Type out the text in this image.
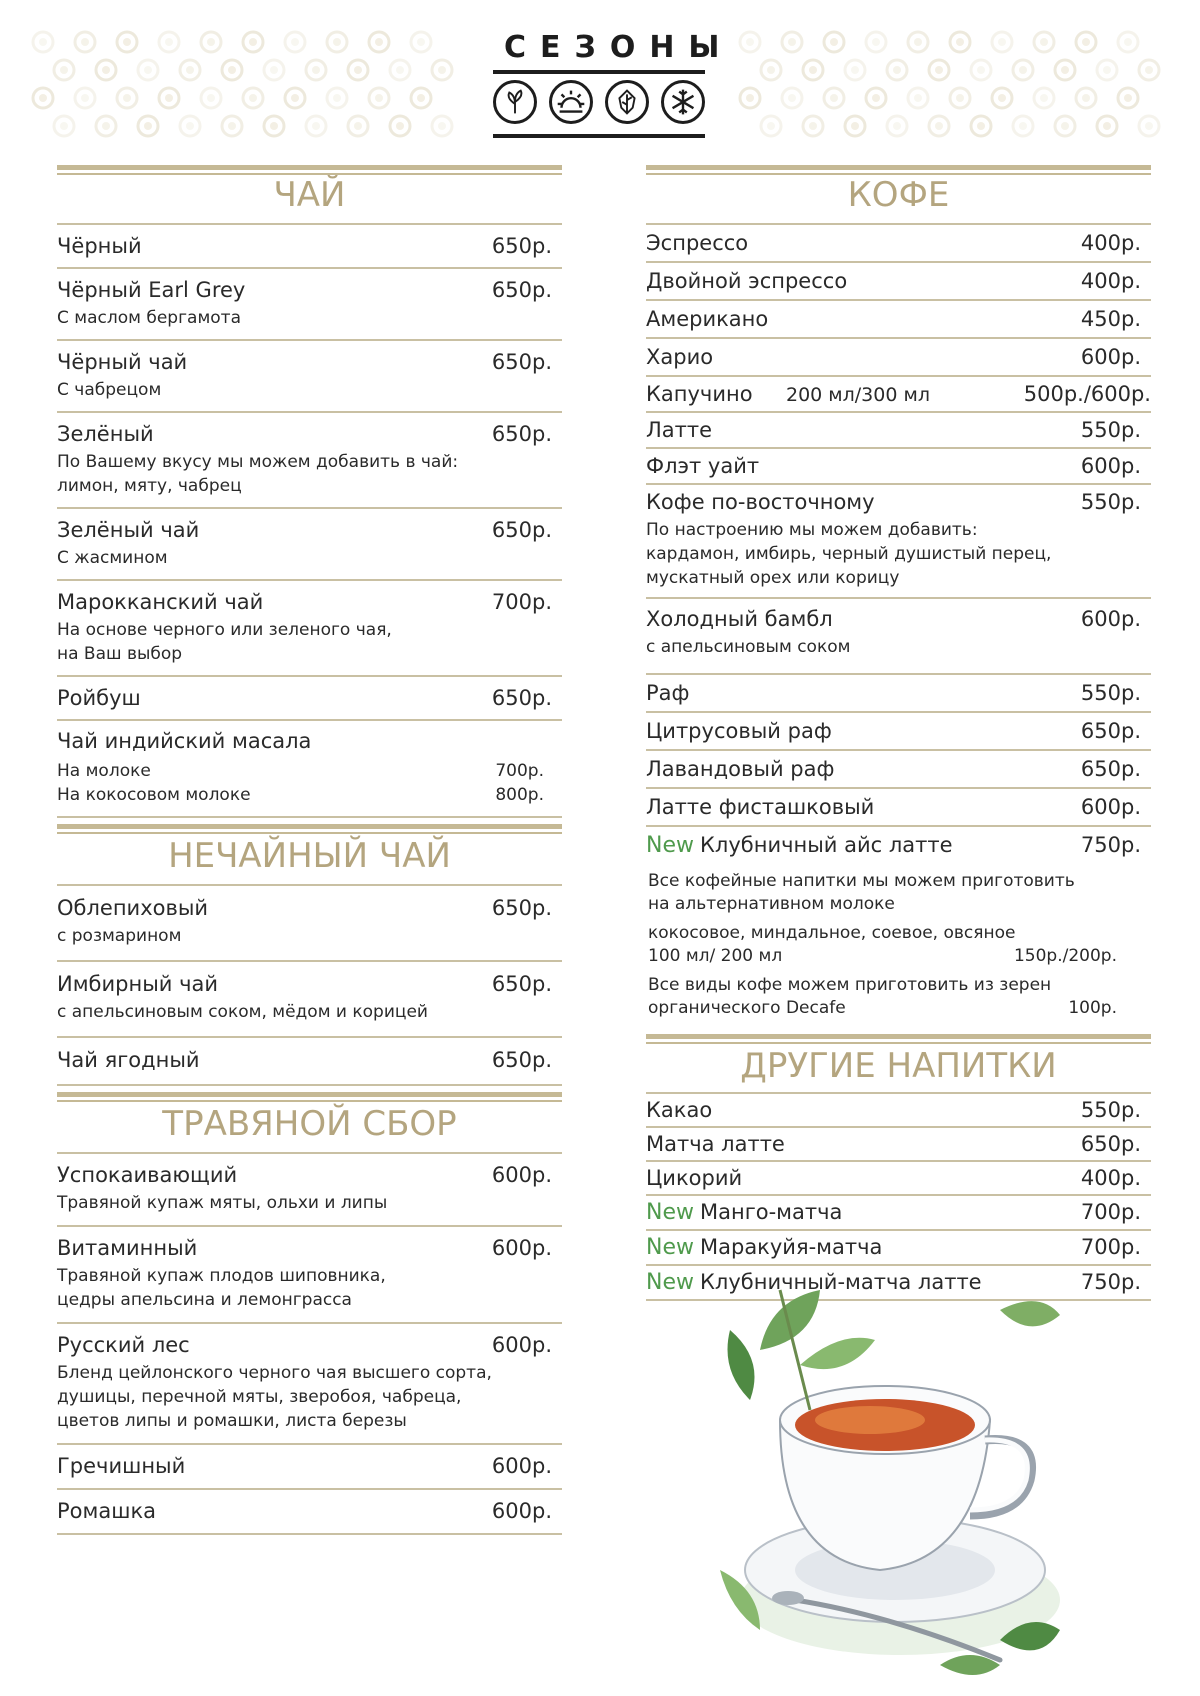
СЕЗОНЫ
ЧАЙ
Чёрный	650р.
Чёрный Earl Grey	650р.
С маслом бергамота
Чёрный чай	650р.
С чабрецом
Зелёный	650р.
По Вашему вкусу мы можем добавить в чай:
лимон, мяту, чабрец
Зелёный чай	650р.
С жасмином
Марокканский чай	700р.
На основе черного или зеленого чая,
на Ваш выбор
Ройбуш	650р.
Чай индийский масала
На молоке	700р.
На кокосовом молоке	800р.
НЕЧАЙНЫЙ ЧАЙ
Облепиховый	650р.
с розмарином
Имбирный чай	650р.
с апельсиновым соком, мёдом и корицей
Чай ягодный	650р.
ТРАВЯНОЙ СБОР
Успокаивающий	600р.
Травяной купаж мяты, ольхи и липы
Витаминный	600р.
Травяной купаж плодов шиповника,
цедры апельсина и лемонграсса
Русский лес	600р.
Бленд цейлонского черного чая высшего сорта,
душицы, перечной мяты, зверобоя, чабреца,
цветов липы и ромашки, листа березы
Гречишный	600р.
Ромашка	600р.
КОФЕ
Эспрессо	400р.
Двойной эспрессо	400р.
Американо	450р.
Харио	600р.
Капучино	200 мл/300 мл	500р./600р.
Латте	550р.
Флэт уайт	600р.
Кофе по-восточному	550р.
По настроению мы можем добавить:
кардамон, имбирь, черный душистый перец,
мускатный орех или корицу
Холодный бамбл	600р.
с апельсиновым соком
Раф	550р.
Цитрусовый раф	650р.
Лавандовый раф	650р.
Латте фисташковый	600р.
New Клубничный айс латте	750р.
Все кофейные напитки мы можем приготовить
на альтернативном молоке
кокосовое, миндальное, соевое, овсяное
100 мл/ 200 мл	150р./200р.
Все виды кофе можем приготовить из зерен
органического Decafe	100р.
ДРУГИЕ НАПИТКИ
Какао	550р.
Матча латте	650р.
Цикорий	400р.
New Манго-матча	700р.
New Маракуйя-матча	700р.
New Клубничный-матча латте	750р.
